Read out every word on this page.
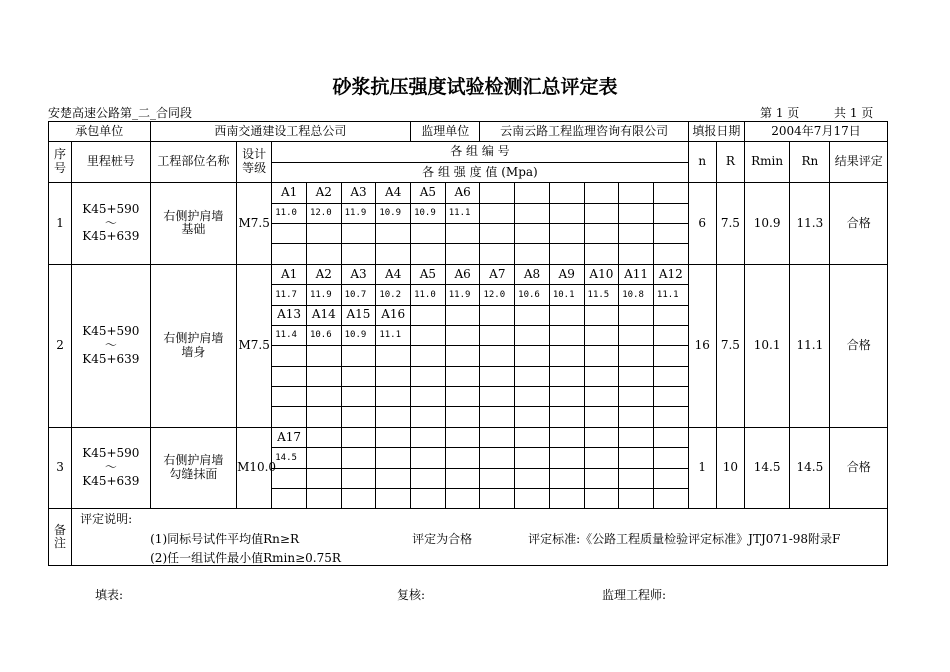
砂浆抗压强度试验检测汇总评定表
安楚高速公路第_二_合同段	第 1 页	共 1 页
承包单位		西南交通建设工程总公司						监理单位		云南云路工程监理咨询有限公司						填报日期		2004年7月17日		
序号	里程桩号	工程部位名称	设计等级	各 组 编 号												n	R	Rmin	Rn	结果评定
				各 组 强 度 值 (Mpa)																
1	K45+590
～
K45+639	右侧护肩墙基础	M7.5	A1	A2	A3	A4	A5	A6							6	7.5	10.9	11.3	合格
				11.0	12.0	11.9	10.9	10.9	11.1											

2	K45+590
～
K45+639	右侧护肩墙墙身	M7.5	A1	A2	A3	A4	A5	A6	A7	A8	A9	A10	A11	A12	16	7.5	10.1	11.1	合格
				11.7	11.9	10.7	10.2	11.0	11.9	12.0	10.6	10.1	11.5	10.8	11.1					
				A13	A14	A15	A16													
				11.4	10.6	10.9	11.1													

3	K45+590
～
K45+639	右侧护肩墙勾缝抹面	M10.0	A17												1	10	14.5	14.5	合格
				14.5																

备注	评定说明:
(1)同标号试件平均值Rn≥R
(2)任一组试件最小值Rmin≥0.75R
评定为合格 评定标准:《公路工程质量检验评定标准》JTJ071-98附录F																			
填表:	复核:	监理工程师:
